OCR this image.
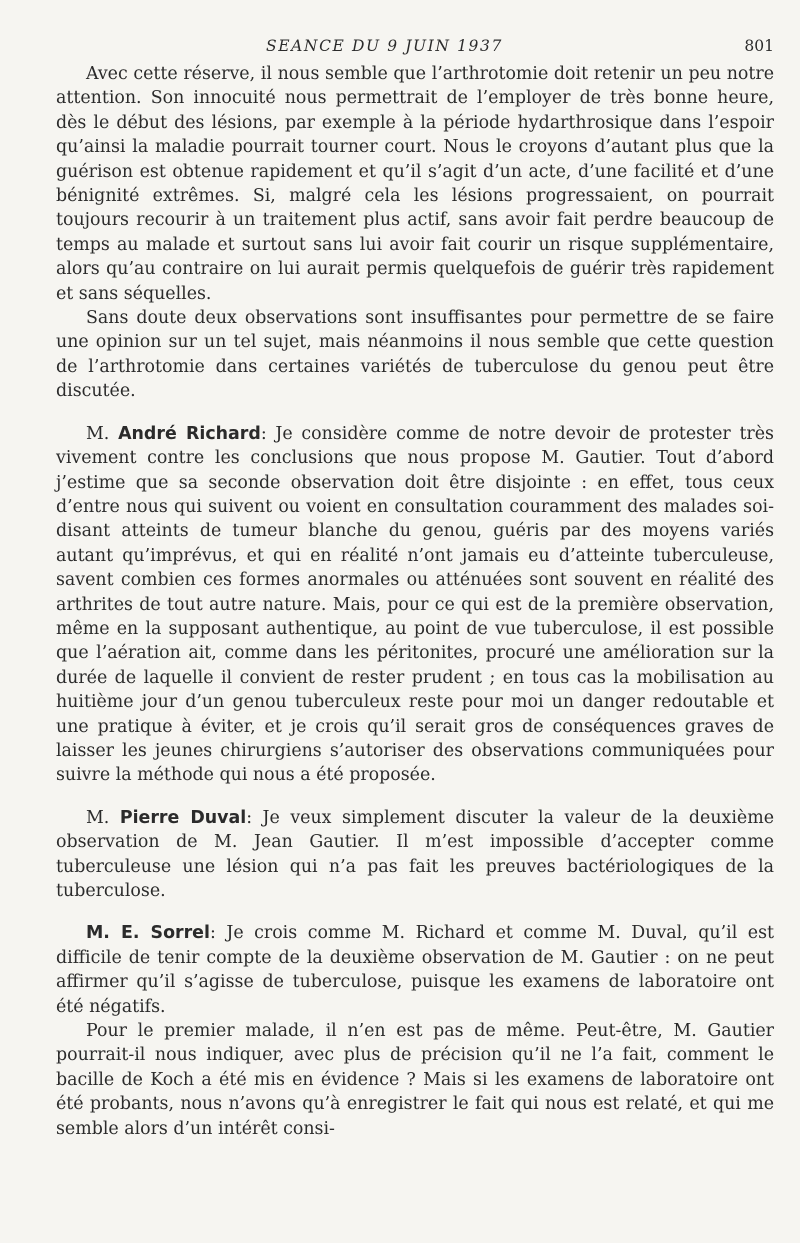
SEANCE DU 9 JUIN 1937	801

Avec cette réserve, il nous semble que l’arthrotomie doit retenir un peu notre attention. Son innocuité nous permettrait de l’employer de très bonne heure, dès le début des lésions, par exemple à la période hydarthrosique dans l’espoir qu’ainsi la maladie pourrait tourner court. Nous le croyons d’autant plus que la guérison est obtenue rapidement et qu’il s’agit d’un acte, d’une facilité et d’une bénignité extrêmes. Si, malgré cela les lésions progressaient, on pourrait toujours recourir à un traitement plus actif, sans avoir fait perdre beaucoup de temps au malade et surtout sans lui avoir fait courir un risque supplémentaire, alors qu’au contraire on lui aurait permis quelquefois de guérir très rapidement et sans séquelles.

Sans doute deux observations sont insuffisantes pour permettre de se faire une opinion sur un tel sujet, mais néanmoins il nous semble que cette question de l’arthrotomie dans certaines variétés de tuberculose du genou peut être discutée.

M. André Richard: Je considère comme de notre devoir de protester très vivement contre les conclusions que nous propose M. Gautier. Tout d’abord j’estime que sa seconde observation doit être disjointe : en effet, tous ceux d’entre nous qui suivent ou voient en consultation couramment des malades soi-disant atteints de tumeur blanche du genou, guéris par des moyens variés autant qu’imprévus, et qui en réalité n’ont jamais eu d’atteinte tuberculeuse, savent combien ces formes anormales ou atténuées sont souvent en réalité des arthrites de tout autre nature. Mais, pour ce qui est de la première observation, même en la supposant authentique, au point de vue tuberculose, il est possible que l’aération ait, comme dans les péritonites, procuré une amélioration sur la durée de laquelle il convient de rester prudent ; en tous cas la mobilisation au huitième jour d’un genou tuberculeux reste pour moi un danger redoutable et une pratique à éviter, et je crois qu’il serait gros de conséquences graves de laisser les jeunes chirurgiens s’autoriser des observations communiquées pour suivre la méthode qui nous a été proposée.

M. Pierre Duval: Je veux simplement discuter la valeur de la deuxième observation de M. Jean Gautier. Il m’est impossible d’accepter comme tuberculeuse une lésion qui n’a pas fait les preuves bactériologiques de la tuberculose.

M. E. Sorrel: Je crois comme M. Richard et comme M. Duval, qu’il est difficile de tenir compte de la deuxième observation de M. Gautier : on ne peut affirmer qu’il s’agisse de tuberculose, puisque les examens de laboratoire ont été négatifs.

Pour le premier malade, il n’en est pas de même. Peut-être, M. Gautier pourrait-il nous indiquer, avec plus de précision qu’il ne l’a fait, comment le bacille de Koch a été mis en évidence ? Mais si les examens de laboratoire ont été probants, nous n’avons qu’à enregistrer le fait qui nous est relaté, et qui me semble alors d’un intérêt consi-
